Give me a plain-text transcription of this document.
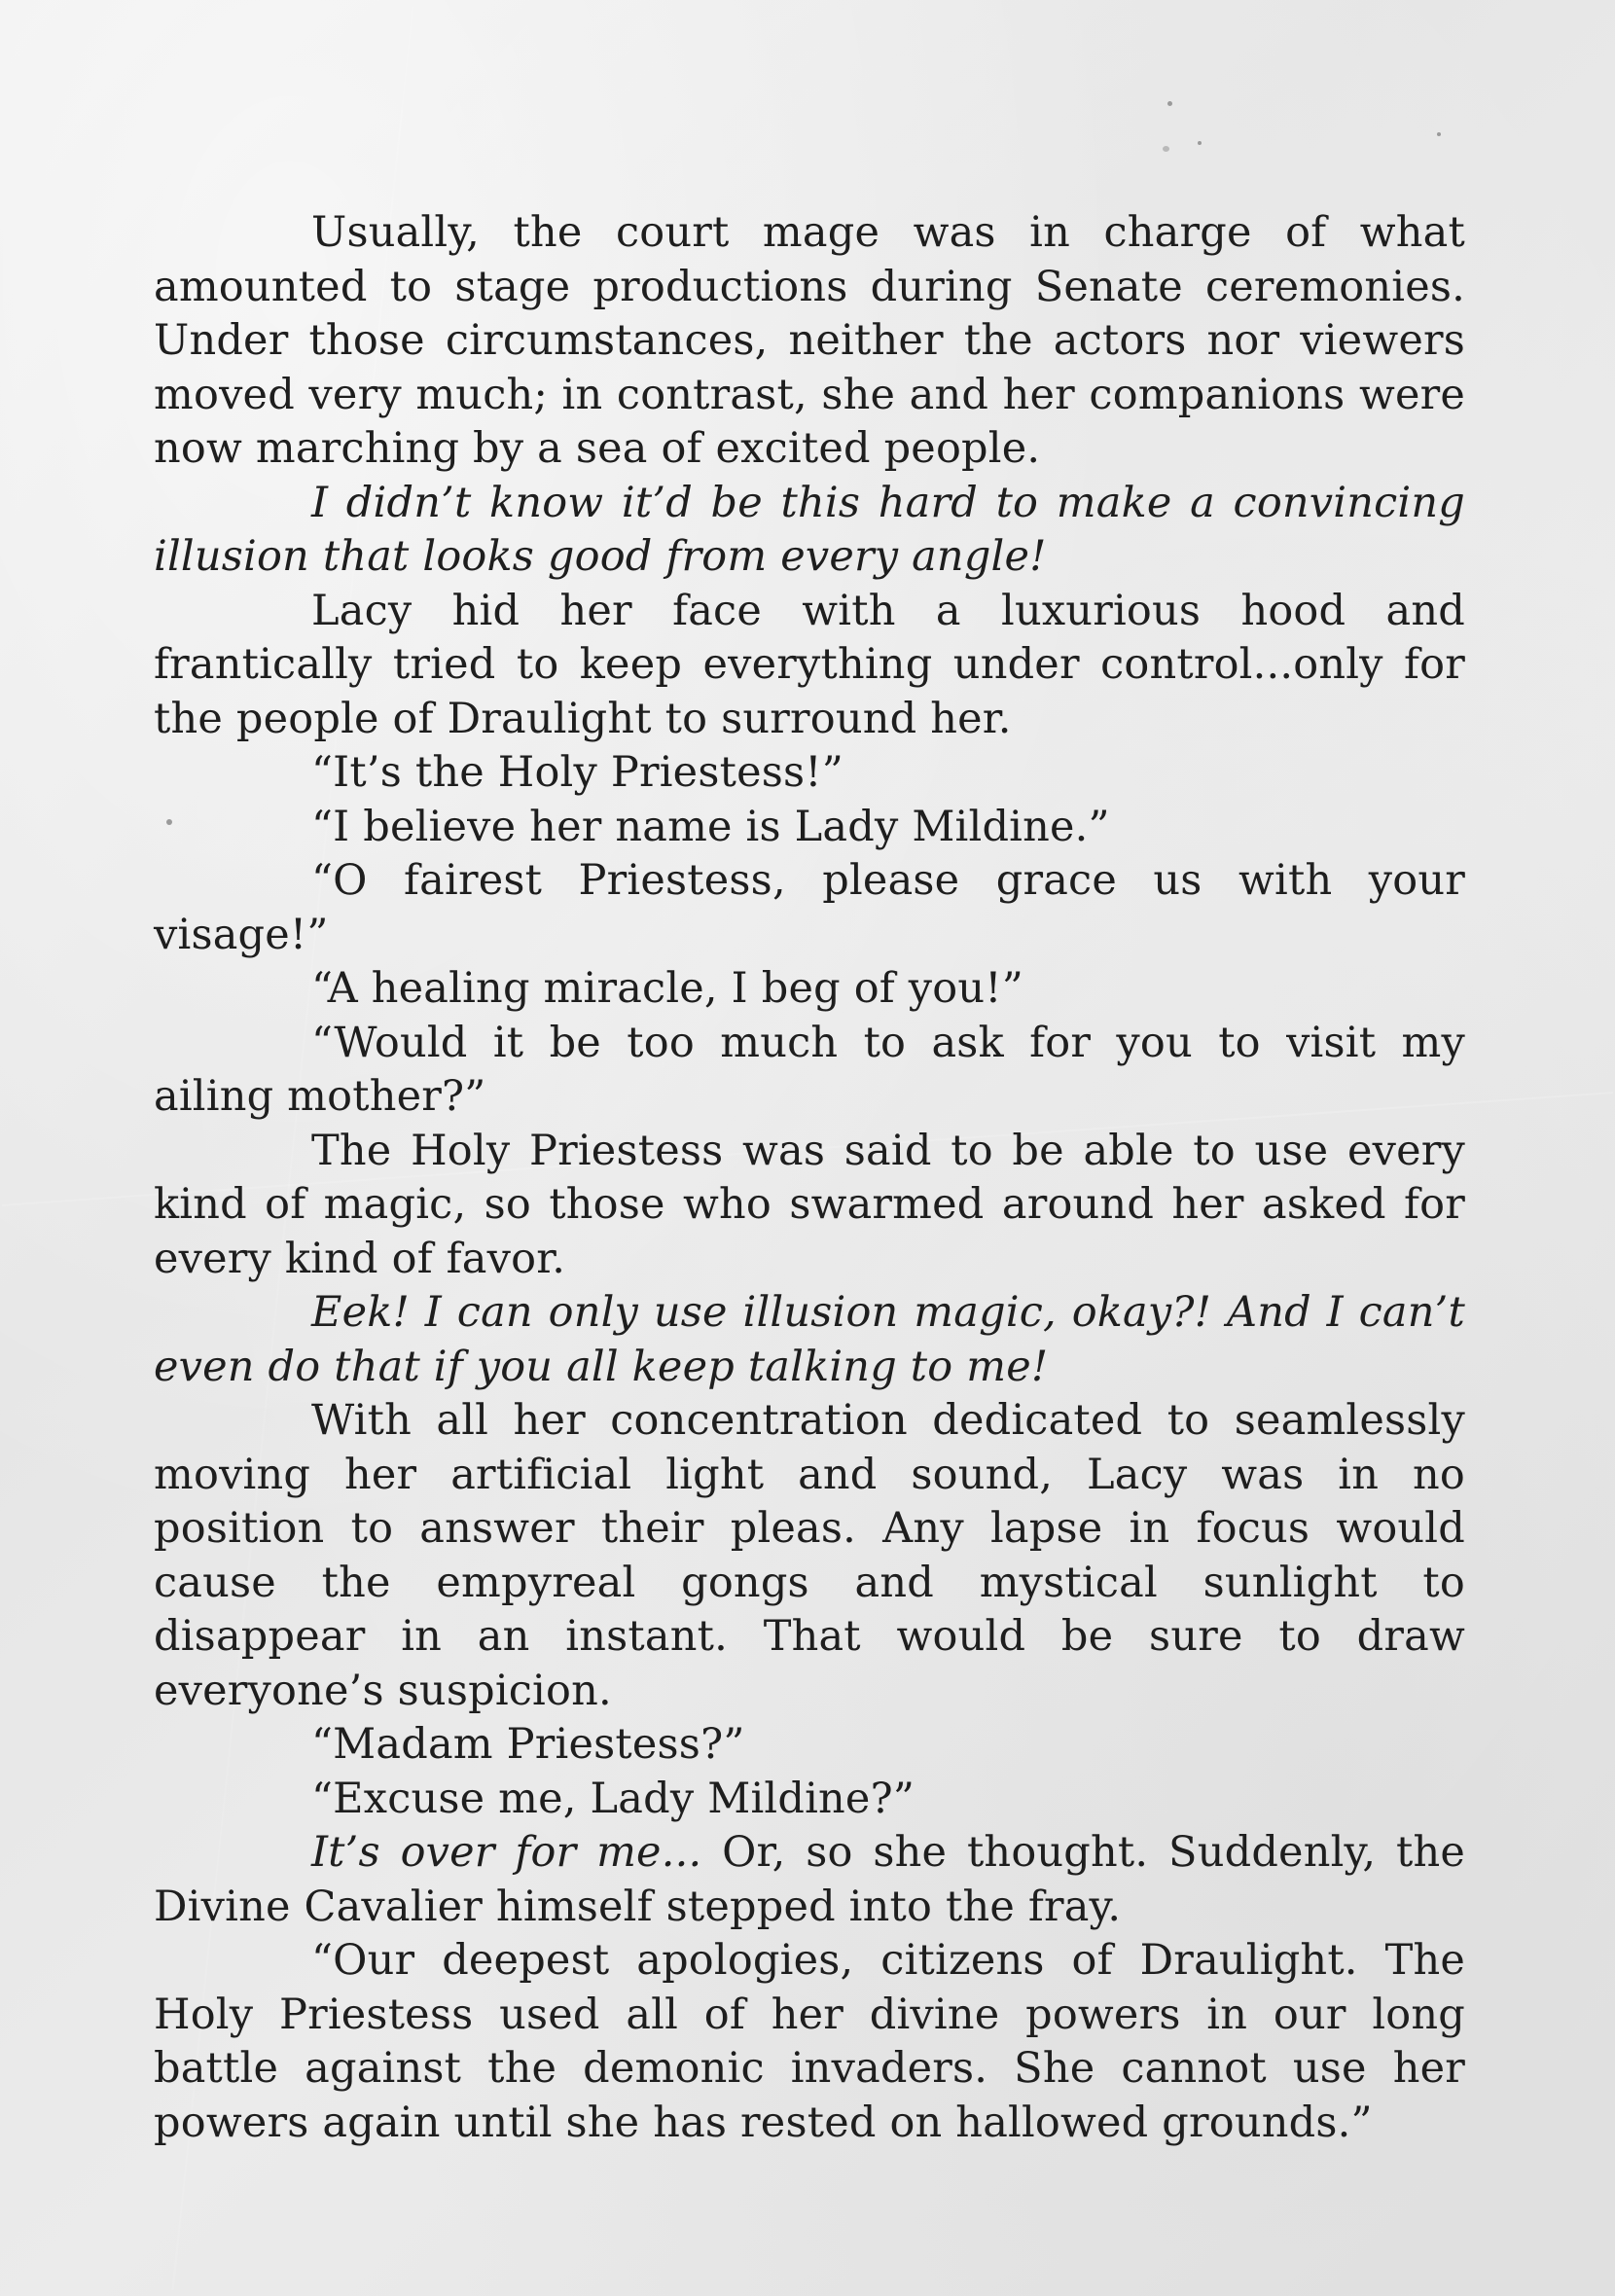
Usually, the court mage was in charge of what amounted to stage productions during Senate ceremonies. Under those circumstances, neither the actors nor viewers moved very much; in contrast, she and her companions were now marching by a sea of excited people.

I didn’t know it’d be this hard to make a convincing illusion that looks good from every angle!

Lacy hid her face with a luxurious hood and frantically tried to keep everything under control...only for the people of Draulight to surround her.

“It’s the Holy Priestess!”

“I believe her name is Lady Mildine.”

“O fairest Priestess, please grace us with your visage!”

“A healing miracle, I beg of you!”

“Would it be too much to ask for you to visit my ailing mother?”

The Holy Priestess was said to be able to use every kind of magic, so those who swarmed around her asked for every kind of favor.

Eek! I can only use illusion magic, okay?! And I can’t even do that if you all keep talking to me!

With all her concentration dedicated to seamlessly moving her artificial light and sound, Lacy was in no position to answer their pleas. Any lapse in focus would cause the empyreal gongs and mystical sunlight to disappear in an instant. That would be sure to draw everyone’s suspicion.

“Madam Priestess?”

“Excuse me, Lady Mildine?”

It’s over for me... Or, so she thought. Suddenly, the Divine Cavalier himself stepped into the fray.

“Our deepest apologies, citizens of Draulight. The Holy Priestess used all of her divine powers in our long battle against the demonic invaders. She cannot use her powers again until she has rested on hallowed grounds.”
